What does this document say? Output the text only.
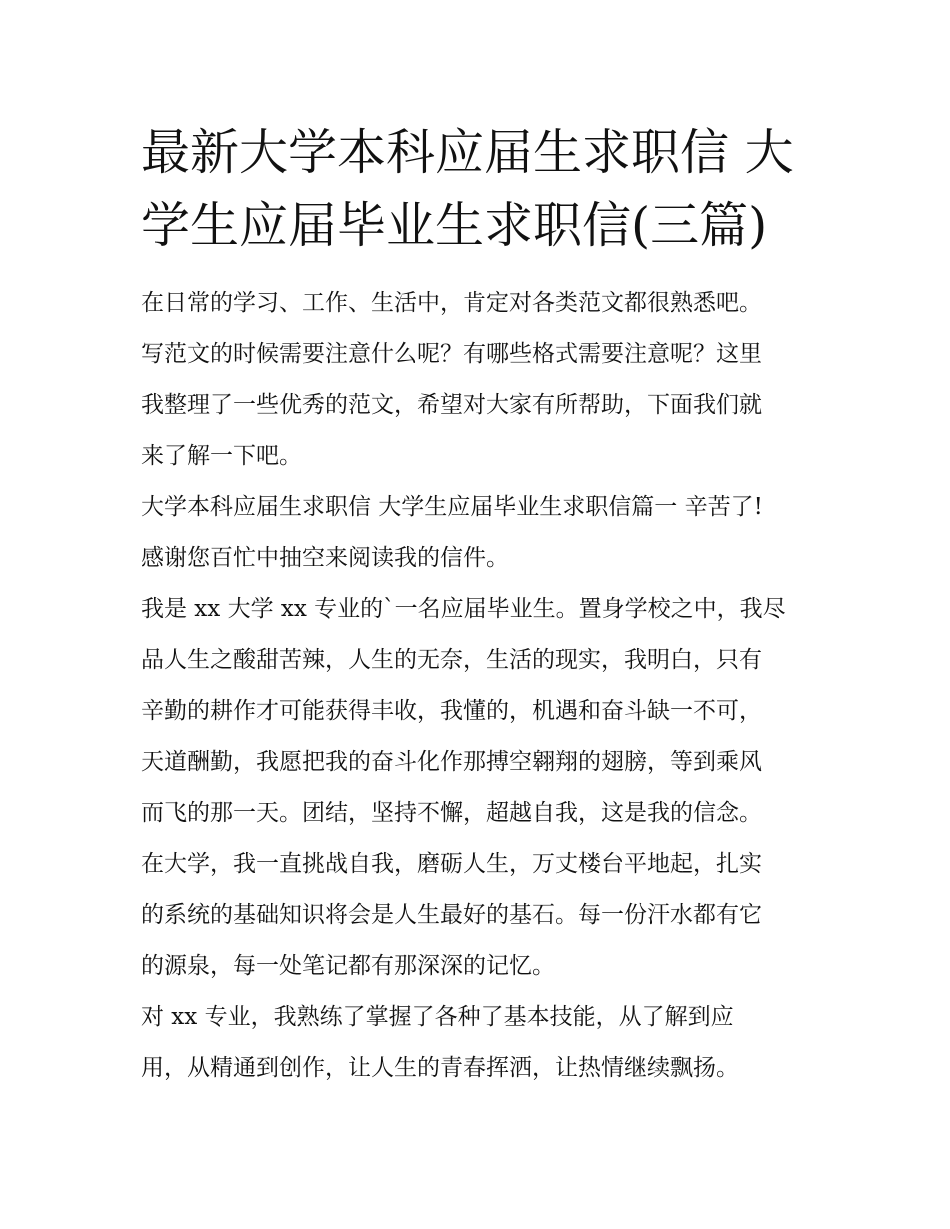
最新大学本科应届生求职信 大
学生应届毕业生求职信(三篇)
在日常的学习、工作、生活中，肯定对各类范文都很熟悉吧。
写范文的时候需要注意什么呢？有哪些格式需要注意呢？这里
我整理了一些优秀的范文，希望对大家有所帮助，下面我们就
来了解一下吧。
大学本科应届生求职信 大学生应届毕业生求职信篇一 辛苦了!
感谢您百忙中抽空来阅读我的信件。
我是 xx 大学 xx 专业的`一名应届毕业生。置身学校之中，我尽
品人生之酸甜苦辣，人生的无奈，生活的现实，我明白，只有
辛勤的耕作才可能获得丰收，我懂的，机遇和奋斗缺一不可，
天道酬勤，我愿把我的奋斗化作那搏空翱翔的翅膀，等到乘风
而飞的那一天。团结，坚持不懈，超越自我，这是我的信念。
在大学，我一直挑战自我，磨砺人生，万丈楼台平地起，扎实
的系统的基础知识将会是人生最好的基石。每一份汗水都有它
的源泉，每一处笔记都有那深深的记忆。
对 xx 专业，我熟练了掌握了各种了基本技能，从了解到应
用，从精通到创作，让人生的青春挥洒，让热情继续飘扬。
